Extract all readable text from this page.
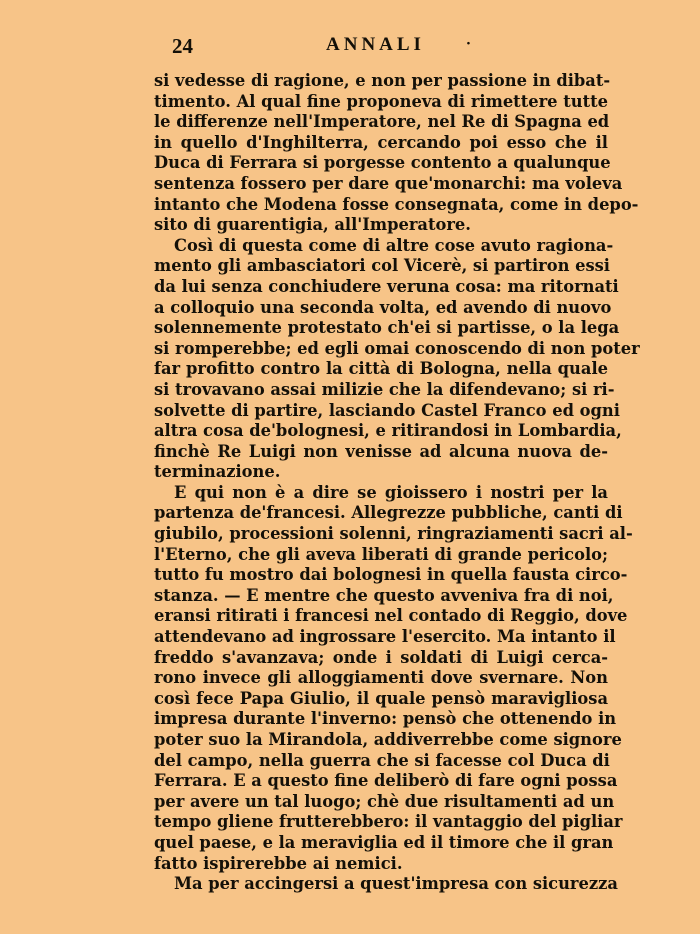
24	ANNALI	·
si vedesse di ragione, e non per passione in dibat-
timento. Al qual fine proponeva di rimettere tutte
le differenze nell'Imperatore, nel Re di Spagna ed
in quello d'Inghilterra, cercando poi esso che il
Duca di Ferrara si porgesse contento a qualunque
sentenza fossero per dare que'monarchi: ma voleva
intanto che Modena fosse consegnata, come in depo-
sito di guarentigia, all'Imperatore.
Così di questa come di altre cose avuto ragiona-
mento gli ambasciatori col Vicerè, si partiron essi
da lui senza conchiudere veruna cosa: ma ritornati
a colloquio una seconda volta, ed avendo di nuovo
solennemente protestato ch'ei si partisse, o la lega
si romperebbe; ed egli omai conoscendo di non poter
far profitto contro la città di Bologna, nella quale
si trovavano assai milizie che la difendevano; si ri-
solvette di partire, lasciando Castel Franco ed ogni
altra cosa de'bolognesi, e ritirandosi in Lombardia,
finchè Re Luigi non venisse ad alcuna nuova de-
terminazione.
E qui non è a dire se gioissero i nostri per la
partenza de'francesi. Allegrezze pubbliche, canti di
giubilo, processioni solenni, ringraziamenti sacri al-
l'Eterno, che gli aveva liberati di grande pericolo;
tutto fu mostro dai bolognesi in quella fausta circo-
stanza. — E mentre che questo avveniva fra di noi,
eransi ritirati i francesi nel contado di Reggio, dove
attendevano ad ingrossare l'esercito. Ma intanto il
freddo s'avanzava; onde i soldati di Luigi cerca-
rono invece gli alloggiamenti dove svernare. Non
così fece Papa Giulio, il quale pensò maravigliosa
impresa durante l'inverno: pensò che ottenendo in
poter suo la Mirandola, addiverrebbe come signore
del campo, nella guerra che si facesse col Duca di
Ferrara. E a questo fine deliberò di fare ogni possa
per avere un tal luogo; chè due risultamenti ad un
tempo gliene frutterebbero: il vantaggio del pigliar
quel paese, e la meraviglia ed il timore che il gran
fatto ispirerebbe ai nemici.
Ma per accingersi a quest'impresa con sicurezza
